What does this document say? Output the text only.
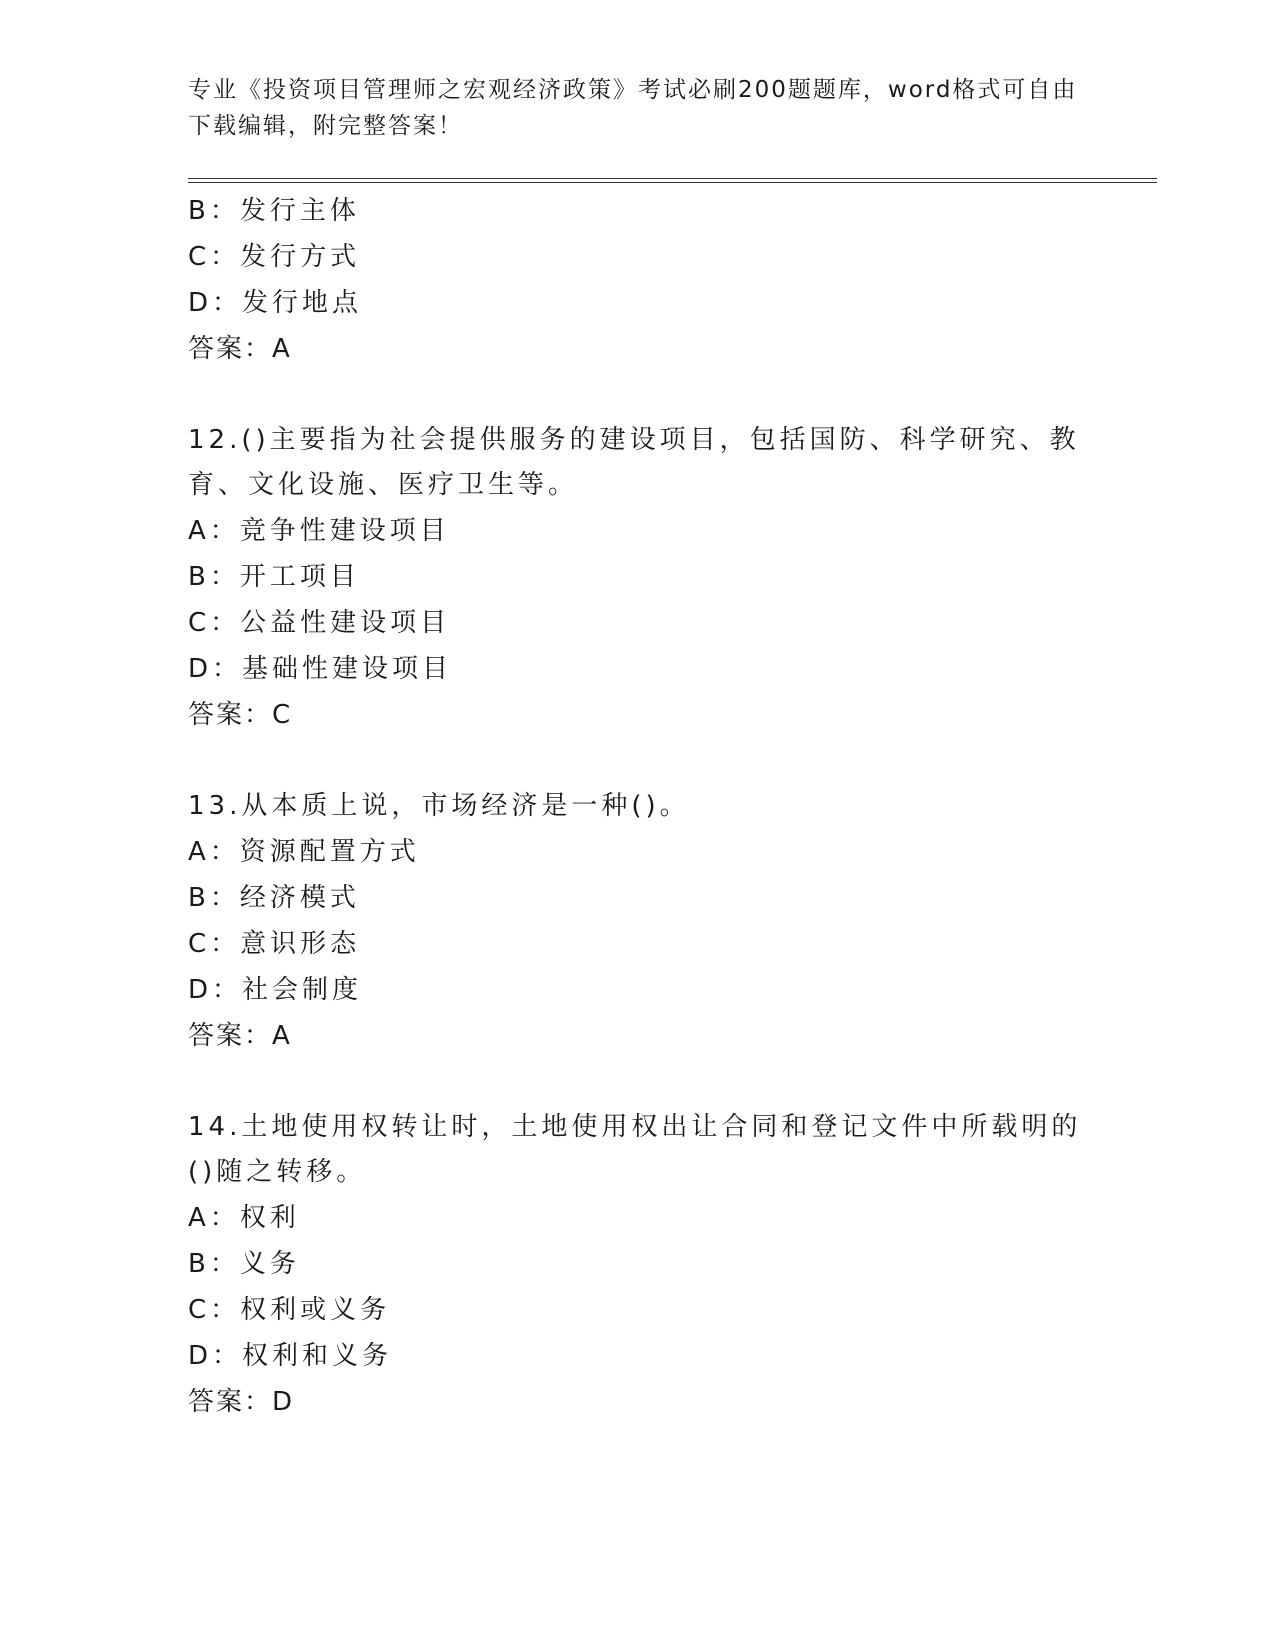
专业《投资项目管理师之宏观经济政策》考试必刷200题题库，word格式可自由下载编辑，附完整答案！
B：发行主体
C：发行方式
D：发行地点
答案：A
12.()主要指为社会提供服务的建设项目，包括国防、科学研究、教育、文化设施、医疗卫生等。
A：竞争性建设项目
B：开工项目
C：公益性建设项目
D：基础性建设项目
答案：C
13.从本质上说，市场经济是一种()。
A：资源配置方式
B：经济模式
C：意识形态
D：社会制度
答案：A
14.土地使用权转让时，土地使用权出让合同和登记文件中所载明的()随之转移。
A：权利
B：义务
C：权利或义务
D：权利和义务
答案：D
